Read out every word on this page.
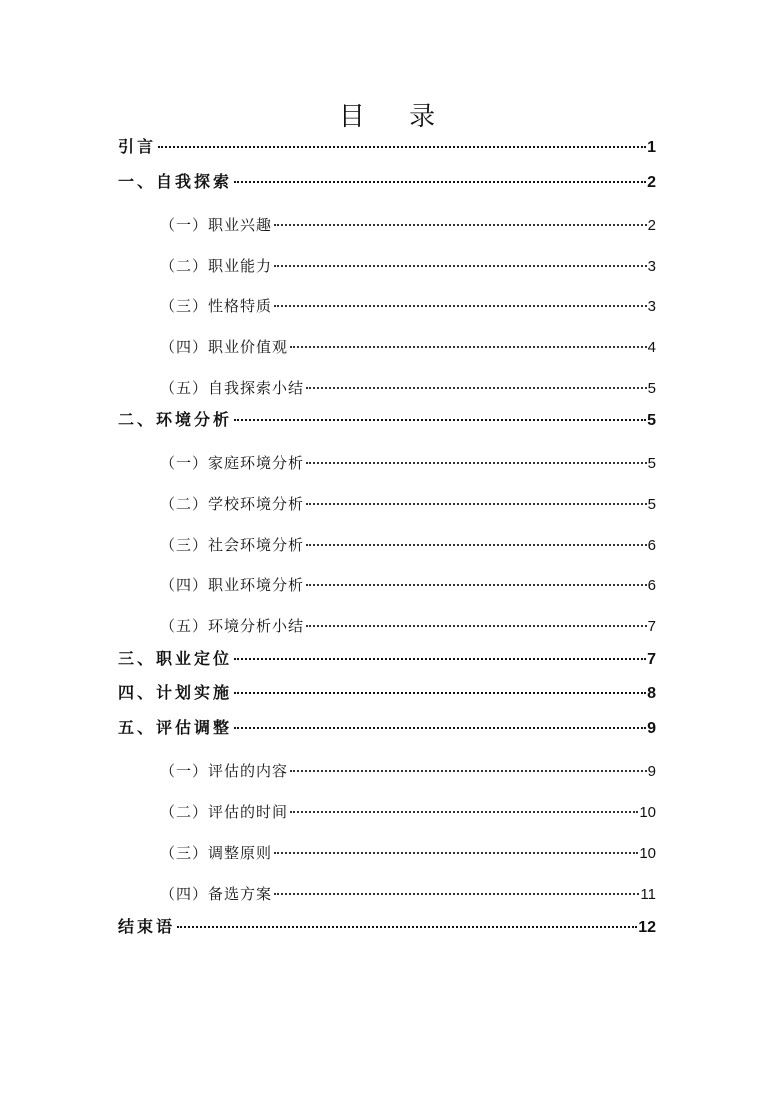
目 录
引言	1
一、自我探索	2
（一）职业兴趣	2
（二）职业能力	3
（三）性格特质	3
（四）职业价值观	4
（五）自我探索小结	5
二、环境分析	5
（一）家庭环境分析	5
（二）学校环境分析	5
（三）社会环境分析	6
（四）职业环境分析	6
（五）环境分析小结	7
三、职业定位	7
四、计划实施	8
五、评估调整	9
（一）评估的内容	9
（二）评估的时间	10
（三）调整原则	10
（四）备选方案	11
结束语	12
